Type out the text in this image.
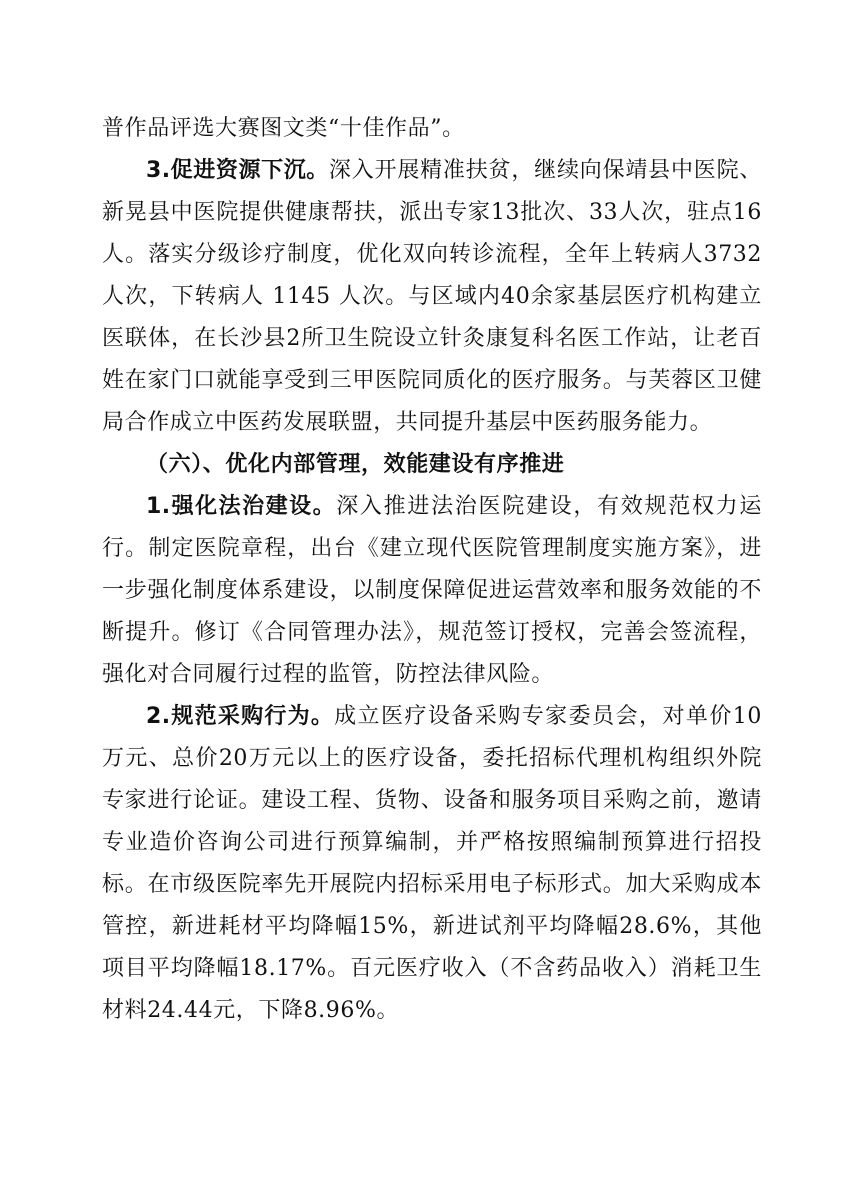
普作品评选大赛图文类“十佳作品”。

3.促进资源下沉。深入开展精准扶贫，继续向保靖县中医院、新晃县中医院提供健康帮扶，派出专家13批次、33人次，驻点16人。落实分级诊疗制度，优化双向转诊流程，全年上转病人3732人次，下转病人 1145 人次。与区域内40余家基层医疗机构建立医联体，在长沙县2所卫生院设立针灸康复科名医工作站，让老百姓在家门口就能享受到三甲医院同质化的医疗服务。与芙蓉区卫健局合作成立中医药发展联盟，共同提升基层中医药服务能力。

（六）、优化内部管理，效能建设有序推进

1.强化法治建设。深入推进法治医院建设，有效规范权力运行。制定医院章程，出台《建立现代医院管理制度实施方案》，进一步强化制度体系建设，以制度保障促进运营效率和服务效能的不断提升。修订《合同管理办法》，规范签订授权，完善会签流程，强化对合同履行过程的监管，防控法律风险。

2.规范采购行为。成立医疗设备采购专家委员会，对单价10万元、总价20万元以上的医疗设备，委托招标代理机构组织外院专家进行论证。建设工程、货物、设备和服务项目采购之前，邀请专业造价咨询公司进行预算编制，并严格按照编制预算进行招投标。在市级医院率先开展院内招标采用电子标形式。加大采购成本管控，新进耗材平均降幅15%，新进试剂平均降幅28.6%，其他项目平均降幅18.17%。百元医疗收入（不含药品收入）消耗卫生材料24.44元，下降8.96%。
